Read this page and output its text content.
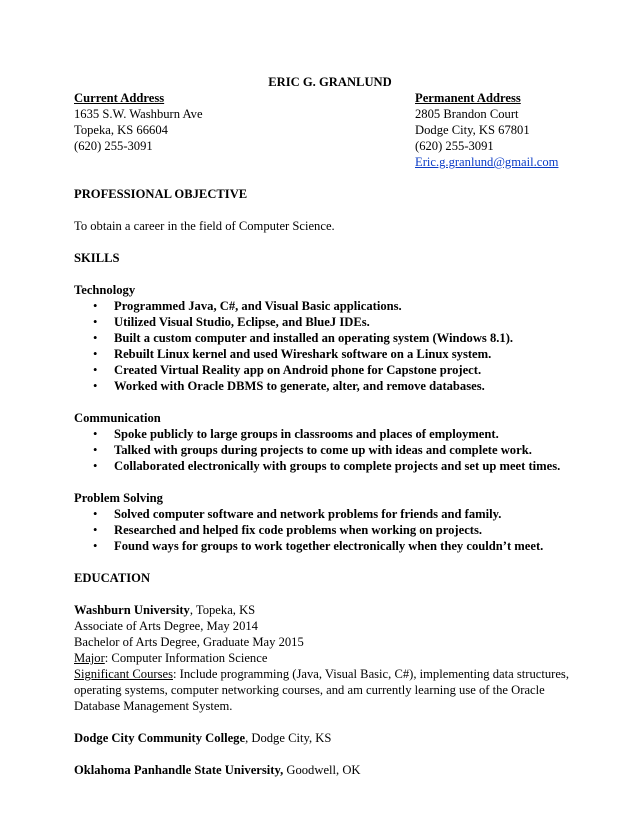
ERIC G. GRANLUND
Current Address
1635 S.W. Washburn Ave
Topeka, KS 66604
(620) 255-3091
Permanent Address
2805 Brandon Court
Dodge City, KS 67801
(620) 255-3091
Eric.g.granlund@gmail.com
PROFESSIONAL OBJECTIVE
To obtain a career in the field of Computer Science.
SKILLS
Technology
• Programmed Java, C#, and Visual Basic applications.
• Utilized Visual Studio, Eclipse, and BlueJ IDEs.
• Built a custom computer and installed an operating system (Windows 8.1).
• Rebuilt Linux kernel and used Wireshark software on a Linux system.
• Created Virtual Reality app on Android phone for Capstone project.
• Worked with Oracle DBMS to generate, alter, and remove databases.
Communication
• Spoke publicly to large groups in classrooms and places of employment.
• Talked with groups during projects to come up with ideas and complete work.
• Collaborated electronically with groups to complete projects and set up meet times.
Problem Solving
• Solved computer software and network problems for friends and family.
• Researched and helped fix code problems when working on projects.
• Found ways for groups to work together electronically when they couldn’t meet.
EDUCATION
Washburn University, Topeka, KS
Associate of Arts Degree, May 2014
Bachelor of Arts Degree, Graduate May 2015
Major: Computer Information Science
Significant Courses: Include programming (Java, Visual Basic, C#), implementing data structures, operating systems, computer networking courses, and am currently learning use of the Oracle Database Management System.
Dodge City Community College, Dodge City, KS
Oklahoma Panhandle State University, Goodwell, OK
